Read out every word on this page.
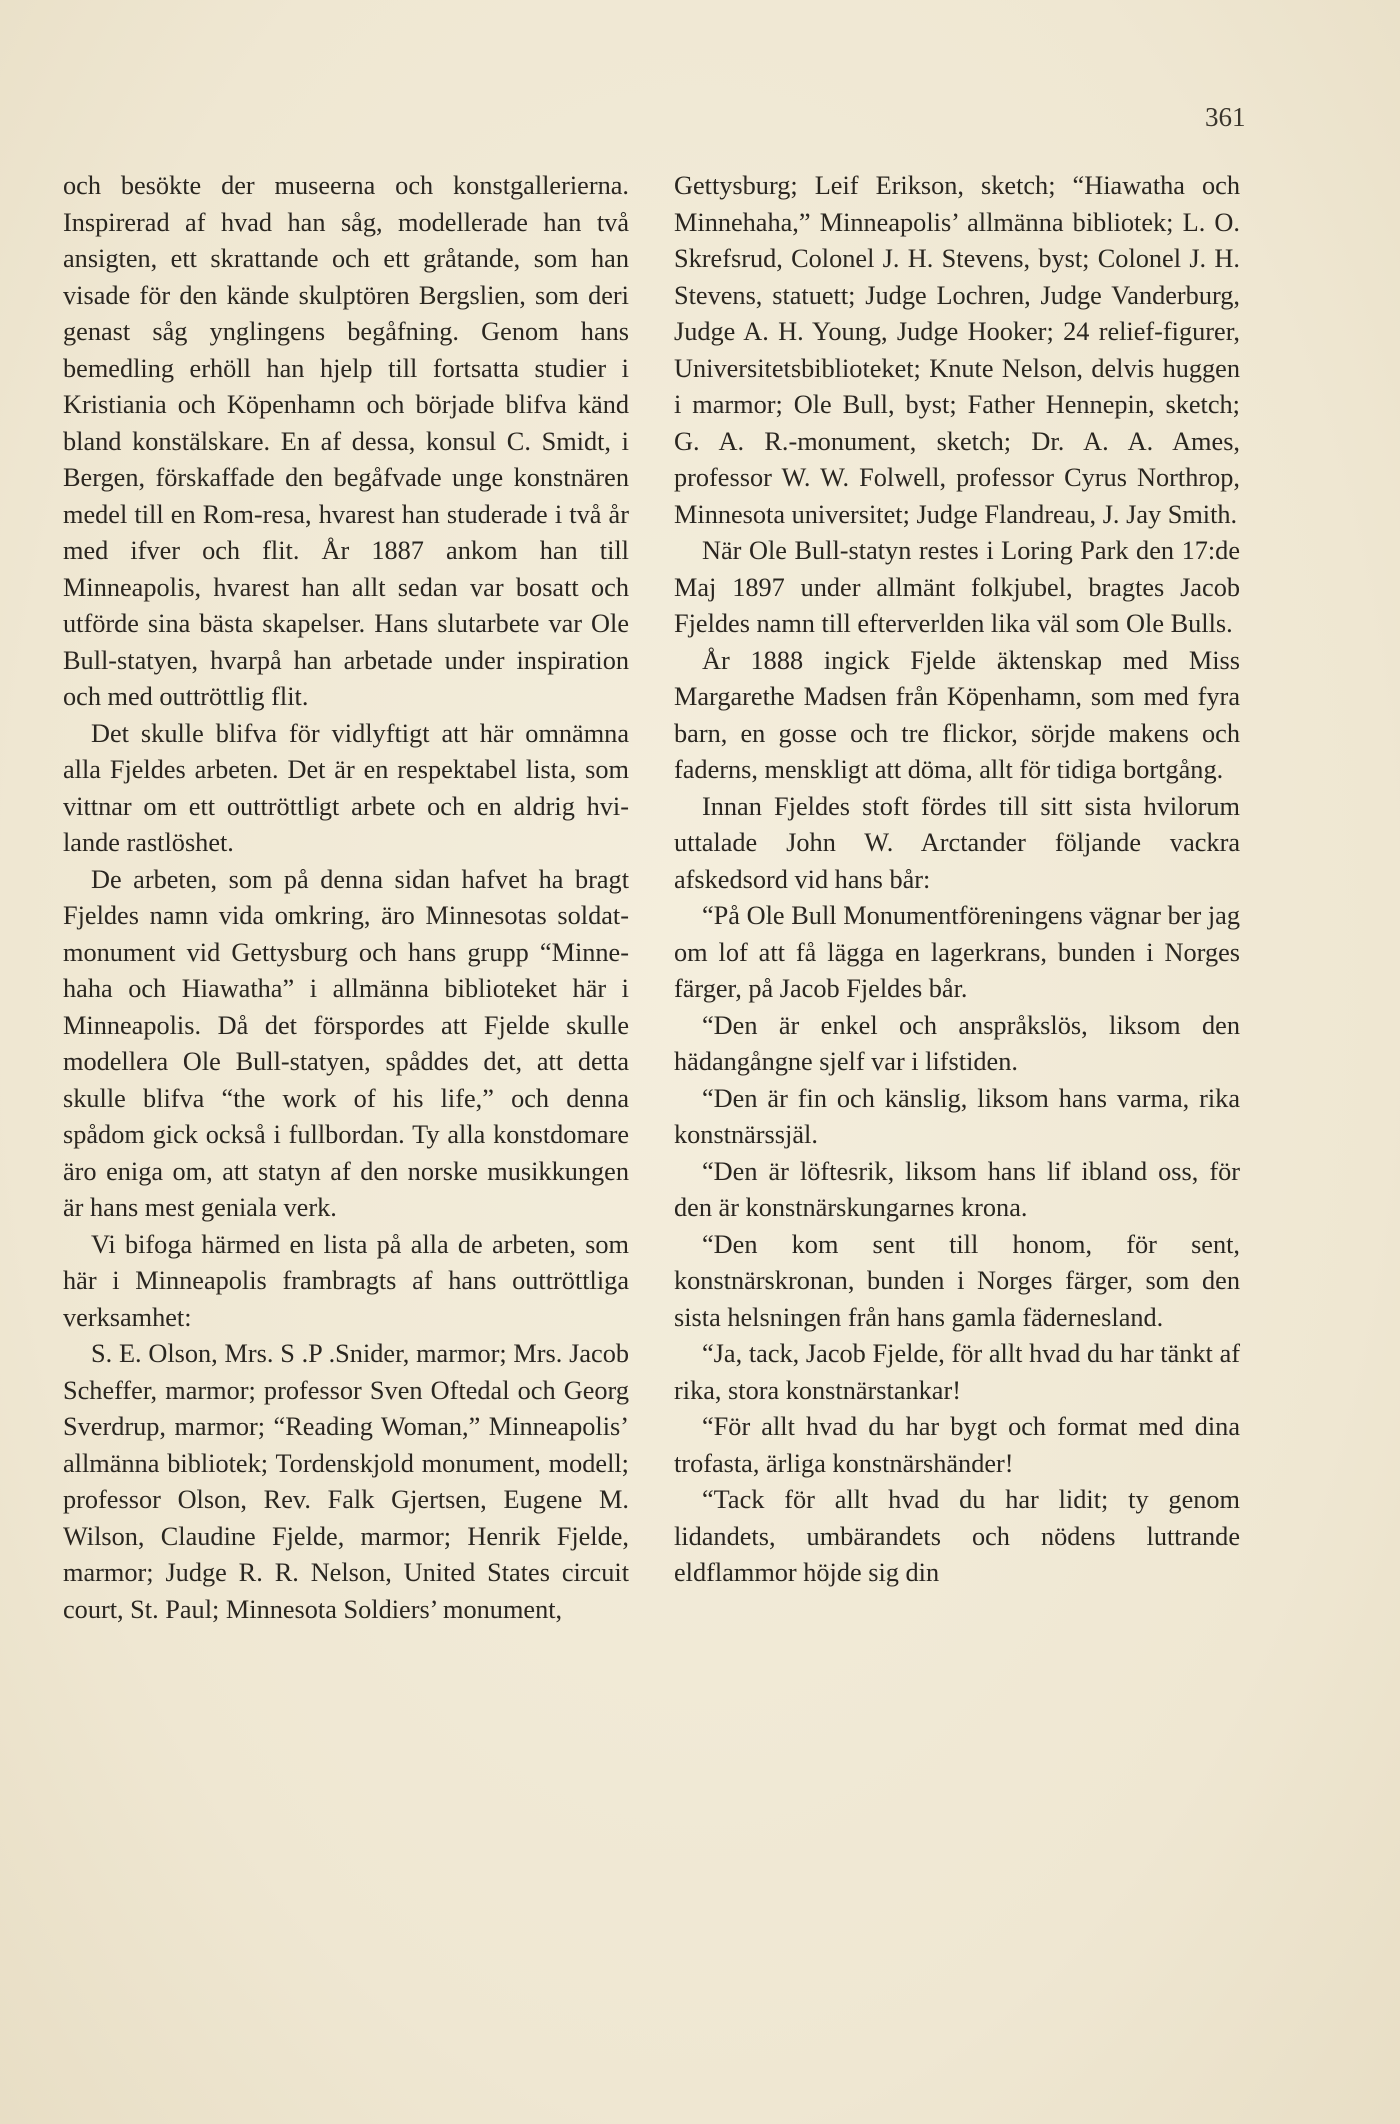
361

och besökte der museerna och konstgallerierna. Inspirerad af hvad han såg, modellerade han två ansigten, ett skrattande och ett gråtande, som han visade för den kände skulptören Bergslien, som deri genast såg ynglingens begåfning. Genom hans bemedling erhöll han hjelp till fortsatta studier i Kristiania och Köpenhamn och började blifva känd bland konstälskare. En af dessa, konsul C. Smidt, i Bergen, förskaffade den begåfvade unge konstnären medel till en Rom-resa, hvarest han studerade i två år med ifver och flit. År 1887 ankom han till Minneapolis, hvarest han allt sedan var bosatt och utförde sina bästa skapelser. Hans slutarbete var Ole Bull-statyen, hvarpå han arbetade under inspiration och med outtröttlig flit.

Det skulle blifva för vidlyftigt att här omnämna alla Fjeldes arbeten. Det är en respektabel lista, som vittnar om ett outtröttligt arbete och en aldrig hvilande rastlöshet.

De arbeten, som på denna sidan hafvet ha bragt Fjeldes namn vida omkring, äro Minnesotas soldat-monument vid Gettysburg och hans grupp “Minnehaha och Hiawatha” i allmänna biblioteket här i Minneapolis. Då det förspordes att Fjelde skulle modellera Ole Bull-statyen, spåddes det, att detta skulle blifva “the work of his life,” och denna spådom gick också i fullbordan. Ty alla konstdomare äro eniga om, att statyn af den norske musikkungen är hans mest geniala verk.

Vi bifoga härmed en lista på alla de arbeten, som här i Minneapolis frambragts af hans outtröttliga verksamhet:

S. E. Olson, Mrs. S .P .Snider, marmor; Mrs. Jacob Scheffer, marmor; professor Sven Oftedal och Georg Sverdrup, marmor; “Reading Woman,” Minneapolis’ allmänna bibliotek; Tordenskjold monument, modell; professor Olson, Rev. Falk Gjertsen, Eugene M. Wilson, Claudine Fjelde, marmor; Henrik Fjelde, marmor; Judge R. R. Nelson, United States circuit court, St. Paul; Minnesota Soldiers’ monument,

Gettysburg; Leif Erikson, sketch; “Hiawatha och Minnehaha,” Minneapolis’ allmänna bibliotek; L. O. Skrefsrud, Colonel J. H. Stevens, byst; Colonel J. H. Stevens, statuett; Judge Lochren, Judge Vanderburg, Judge A. H. Young, Judge Hooker; 24 relief-figurer, Universitetsbiblioteket; Knute Nelson, delvis huggen i marmor; Ole Bull, byst; Father Hennepin, sketch; G. A. R.-monument, sketch; Dr. A. A. Ames, professor W. W. Folwell, professor Cyrus Northrop, Minnesota universitet; Judge Flandreau, J. Jay Smith.

När Ole Bull-statyn restes i Loring Park den 17:de Maj 1897 under allmänt folkjubel, bragtes Jacob Fjeldes namn till efterverlden lika väl som Ole Bulls.

År 1888 ingick Fjelde äktenskap med Miss Margarethe Madsen från Köpenhamn, som med fyra barn, en gosse och tre flickor, sörjde makens och faderns, menskligt att döma, allt för tidiga bortgång.

Innan Fjeldes stoft fördes till sitt sista hvilorum uttalade John W. Arctander följande vackra afskedsord vid hans bår:

“På Ole Bull Monumentföreningens vägnar ber jag om lof att få lägga en lagerkrans, bunden i Norges färger, på Jacob Fjeldes bår.

“Den är enkel och anspråkslös, liksom den hädangångne sjelf var i lifstiden.

“Den är fin och känslig, liksom hans varma, rika konstnärssjäl.

“Den är löftesrik, liksom hans lif ibland oss, för den är konstnärskungarnes krona.

“Den kom sent till honom, för sent, konstnärskronan, bunden i Norges färger, som den sista helsningen från hans gamla fädernesland.

“Ja, tack, Jacob Fjelde, för allt hvad du har tänkt af rika, stora konstnärstankar!

“För allt hvad du har bygt och format med dina trofasta, ärliga konstnärshänder!

“Tack för allt hvad du har lidit; ty genom lidandets, umbärandets och nödens luttrande eldflammor höjde sig din
